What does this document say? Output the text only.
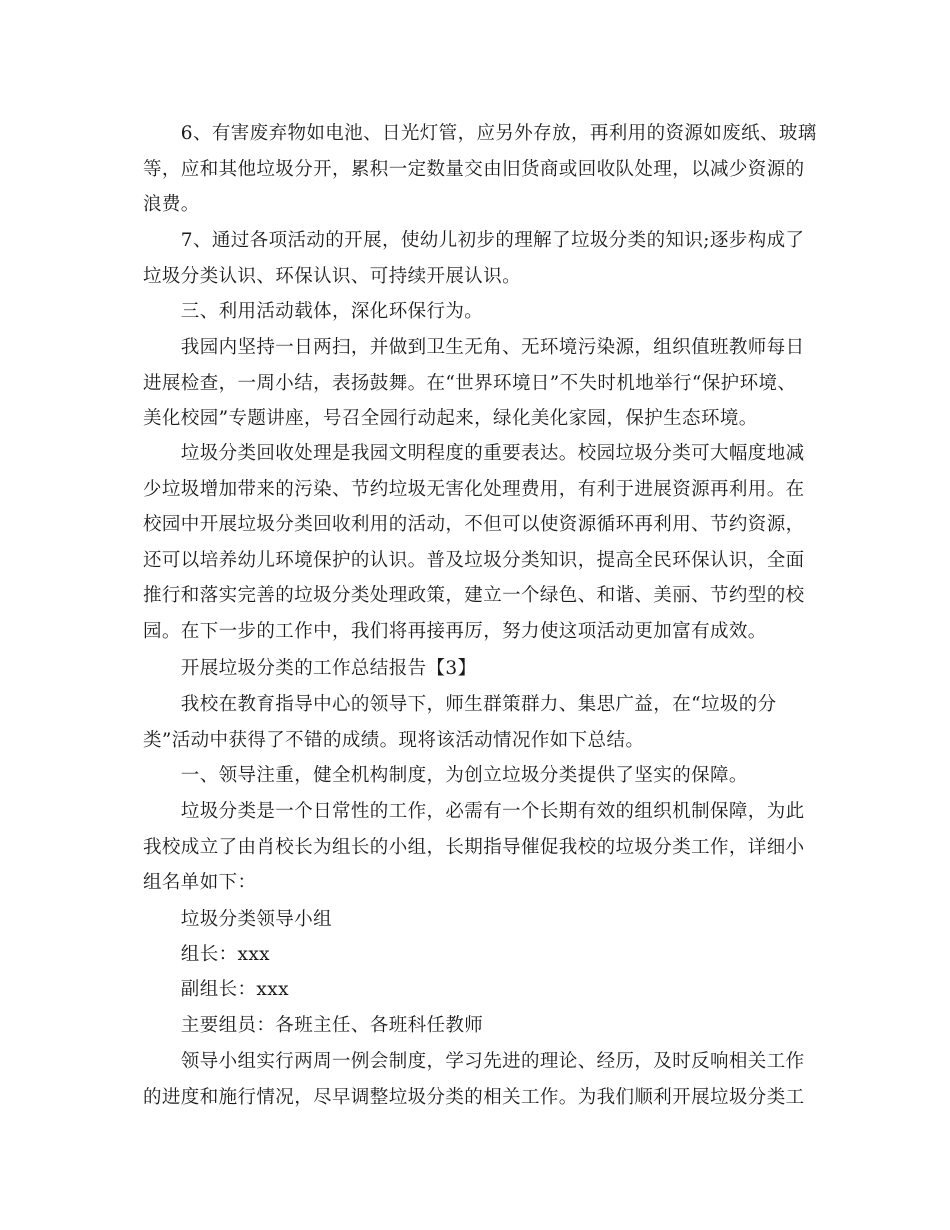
　　6、有害废弃物如电池、日光灯管，应另外存放，再利用的资源如废纸、玻璃
等，应和其他垃圾分开，累积一定数量交由旧货商或回收队处理，以减少资源的
浪费。

　　7、通过各项活动的开展，使幼儿初步的理解了垃圾分类的知识;逐步构成了
垃圾分类认识、环保认识、可持续开展认识。

　　三、利用活动载体，深化环保行为。

　　我园内坚持一日两扫，并做到卫生无角、无环境污染源，组织值班教师每日
进展检查，一周小结，表扬鼓舞。在“世界环境日”不失时机地举行“保护环境、
美化校园”专题讲座，号召全园行动起来，绿化美化家园，保护生态环境。

　　垃圾分类回收处理是我园文明程度的重要表达。校园垃圾分类可大幅度地减
少垃圾增加带来的污染、节约垃圾无害化处理费用，有利于进展资源再利用。在
校园中开展垃圾分类回收利用的活动，不但可以使资源循环再利用、节约资源，
还可以培养幼儿环境保护的认识。普及垃圾分类知识，提高全民环保认识，全面
推行和落实完善的垃圾分类处理政策，建立一个绿色、和谐、美丽、节约型的校
园。在下一步的工作中，我们将再接再厉，努力使这项活动更加富有成效。

　　开展垃圾分类的工作总结报告【3】

　　我校在教育指导中心的领导下，师生群策群力、集思广益，在“垃圾的分
类”活动中获得了不错的成绩。现将该活动情况作如下总结。

　　一、领导注重，健全机构制度，为创立垃圾分类提供了坚实的保障。

　　垃圾分类是一个日常性的工作，必需有一个长期有效的组织机制保障，为此
我校成立了由肖校长为组长的小组，长期指导催促我校的垃圾分类工作，详细小
组名单如下：

　　垃圾分类领导小组

　　组长：xxx

　　副组长：xxx

　　主要组员：各班主任、各班科任教师

　　领导小组实行两周一例会制度，学习先进的理论、经历，及时反响相关工作
的进度和施行情况，尽早调整垃圾分类的相关工作。为我们顺利开展垃圾分类工
